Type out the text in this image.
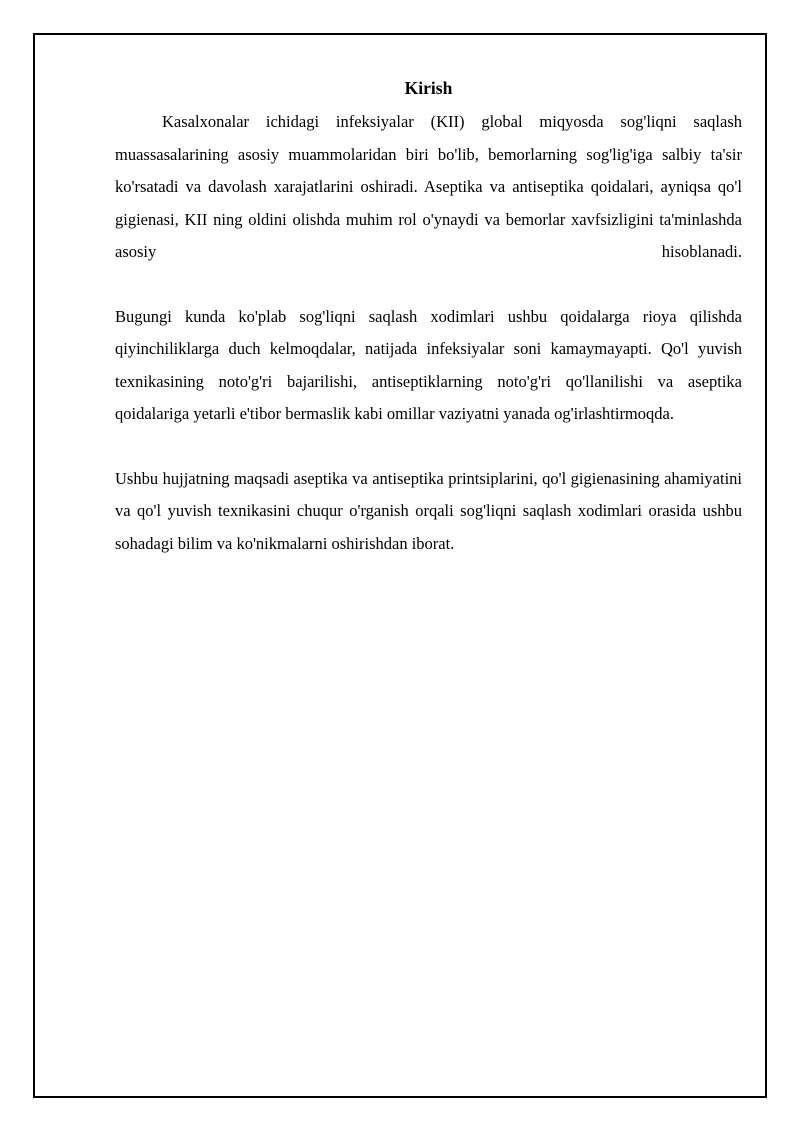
Kirish

Kasalxonalar ichidagi infeksiyalar (KII) global miqyosda sog'liqni saqlash muassasalarining asosiy muammolaridan biri bo'lib, bemorlarning sog'lig'iga salbiy ta'sir ko'rsatadi va davolash xarajatlarini oshiradi. Aseptika va antiseptika qoidalari, ayniqsa qo'l gigienasi, KII ning oldini olishda muhim rol o'ynaydi va bemorlar xavfsizligini ta'minlashda asosiy hisoblanadi.

Bugungi kunda ko'plab sog'liqni saqlash xodimlari ushbu qoidalarga rioya qilishda qiyinchiliklarga duch kelmoqdalar, natijada infeksiyalar soni kamaymayapti. Qo'l yuvish texnikasining noto'g'ri bajarilishi, antiseptiklarning noto'g'ri qo'llanilishi va aseptika qoidalariga yetarli e'tibor bermaslik kabi omillar vaziyatni yanada og'irlashtirmoqda.

Ushbu hujjatning maqsadi aseptika va antiseptika printsiplarini, qo'l gigienasining ahamiyatini va qo'l yuvish texnikasini chuqur o'rganish orqali sog'liqni saqlash xodimlari orasida ushbu sohadagi bilim va ko'nikmalarni oshirishdan iborat.
